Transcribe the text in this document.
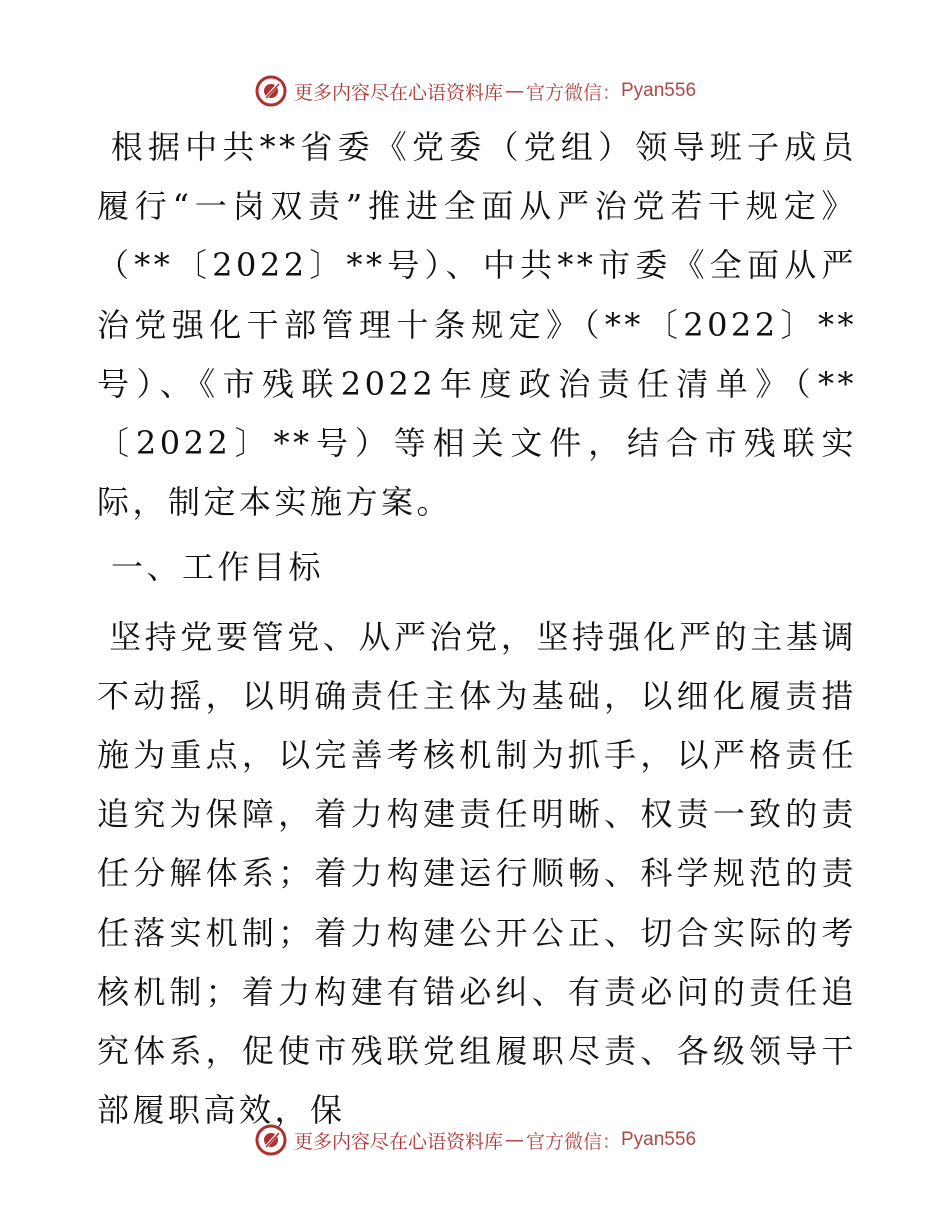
更多内容尽在心语资料库 — 官方微信： Pyan556

根据中共**省委《党委（党组）领导班子成员履行“一岗双责”推进全面从严治党若干规定》（**〔2022〕**号）、中共**市委《全面从严治党强化干部管理十条规定》（**〔2022〕**号）、《市残联2022年度政治责任清单》（**〔2022〕**号）等相关文件，结合市残联实际，制定本实施方案。

一、工作目标

坚持党要管党、从严治党，坚持强化严的主基调不动摇，以明确责任主体为基础，以细化履责措施为重点，以完善考核机制为抓手，以严格责任追究为保障，着力构建责任明晰、权责一致的责任分解体系；着力构建运行顺畅、科学规范的责任落实机制；着力构建公开公正、切合实际的考核机制；着力构建有错必纠、有责必问的责任追究体系，促使市残联党组履职尽责、各级领导干部履职高效，保

更多内容尽在心语资料库 — 官方微信： Pyan556
